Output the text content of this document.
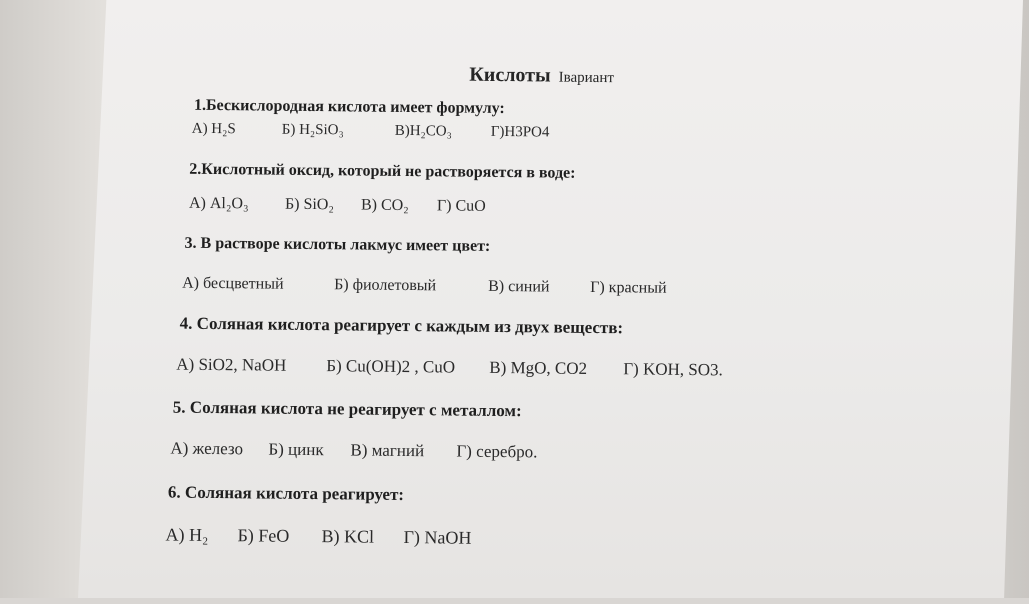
Кислоты Iвариант
1.Бескислородная кислота имеет формулу:
А) H₂S	Б) H₂SiO₃	В)H₂CO₃	Г)H3PO4
2.Кислотный оксид, который не растворяется в воде:
А) Al₂O₃ Б) SiO₂ В) CO₂ Г) CuO
3. В растворе кислоты лакмус имеет цвет:
А) бесцветный	Б) фиолетовый	В) синий	Г) красный
4. Соляная кислота реагирует с каждым из двух веществ:
А) SiO2, NaOH Б) Cu(OH)2 , CuO В) MgO, CO2 Г) KOH, SO3.
5. Соляная кислота не реагирует с металлом:
А) железо Б) цинк В) магний Г) серебро.
6. Соляная кислота реагирует:
А) H₂ Б) FeO В) KCl Г) NaOH
